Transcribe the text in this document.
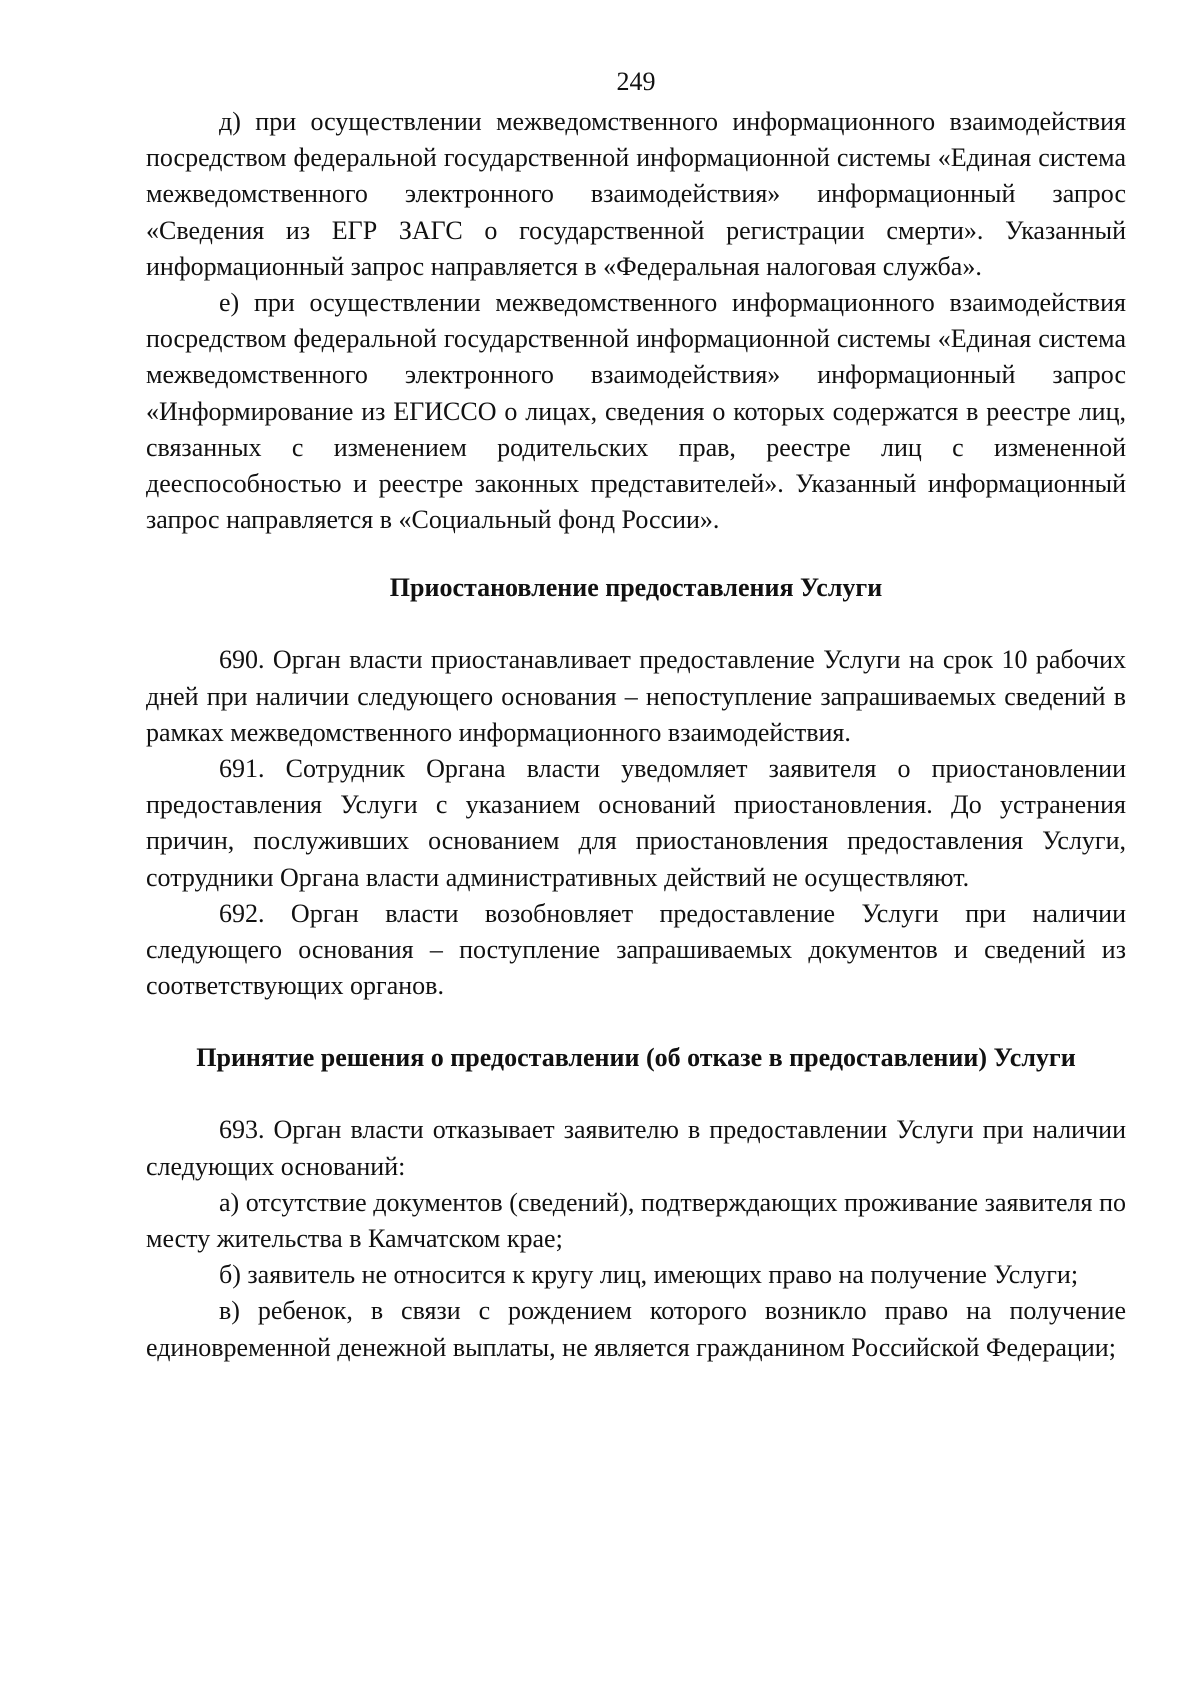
249

д) при осуществлении межведомственного информационного взаимодействия посредством федеральной государственной информационной системы «Единая система межведомственного электронного взаимодействия» информационный запрос «Сведения из ЕГР ЗАГС о государственной регистрации смерти». Указанный информационный запрос направляется в «Федеральная налоговая служба».

е) при осуществлении межведомственного информационного взаимодействия посредством федеральной государственной информационной системы «Единая система межведомственного электронного взаимодействия» информационный запрос «Информирование из ЕГИССО о лицах, сведения о которых содержатся в реестре лиц, связанных с изменением родительских прав, реестре лиц с измененной дееспособностью и реестре законных представителей». Указанный информационный запрос направляется в «Социальный фонд России».

Приостановление предоставления Услуги

690. Орган власти приостанавливает предоставление Услуги на срок 10 рабочих дней при наличии следующего основания – непоступление запрашиваемых сведений в рамках межведомственного информационного взаимодействия.

691. Сотрудник Органа власти уведомляет заявителя о приостановлении предоставления Услуги с указанием оснований приостановления. До устранения причин, послуживших основанием для приостановления предоставления Услуги, сотрудники Органа власти административных действий не осуществляют.

692. Орган власти возобновляет предоставление Услуги при наличии следующего основания – поступление запрашиваемых документов и сведений из соответствующих органов.

Принятие решения о предоставлении (об отказе в предоставлении) Услуги

693. Орган власти отказывает заявителю в предоставлении Услуги при наличии следующих оснований:

а) отсутствие документов (сведений), подтверждающих проживание заявителя по месту жительства в Камчатском крае;

б) заявитель не относится к кругу лиц, имеющих право на получение Услуги;

в) ребенок, в связи с рождением которого возникло право на получение единовременной денежной выплаты, не является гражданином Российской Федерации;
